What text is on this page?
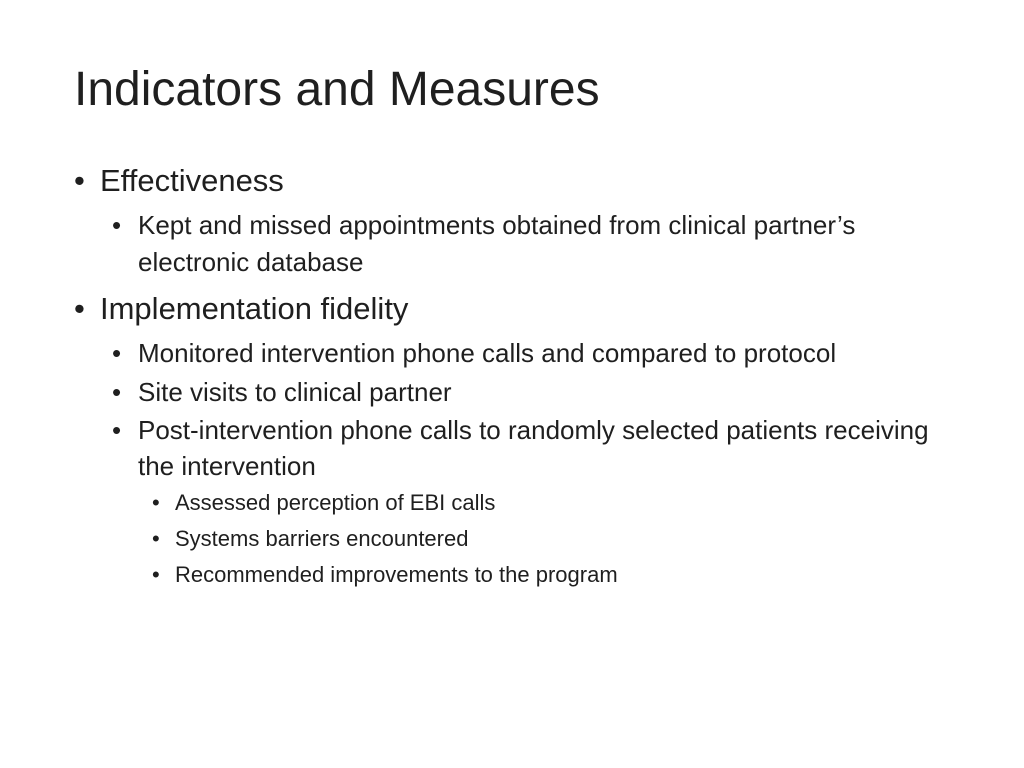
Indicators and Measures

• Effectiveness

• Kept and missed appointments obtained from clinical partner’s electronic database

• Implementation fidelity

• Monitored intervention phone calls and compared to protocol

• Site visits to clinical partner

• Post-intervention phone calls to randomly selected patients receiving the intervention

• Assessed perception of EBI calls

• Systems barriers encountered

• Recommended improvements to the program
